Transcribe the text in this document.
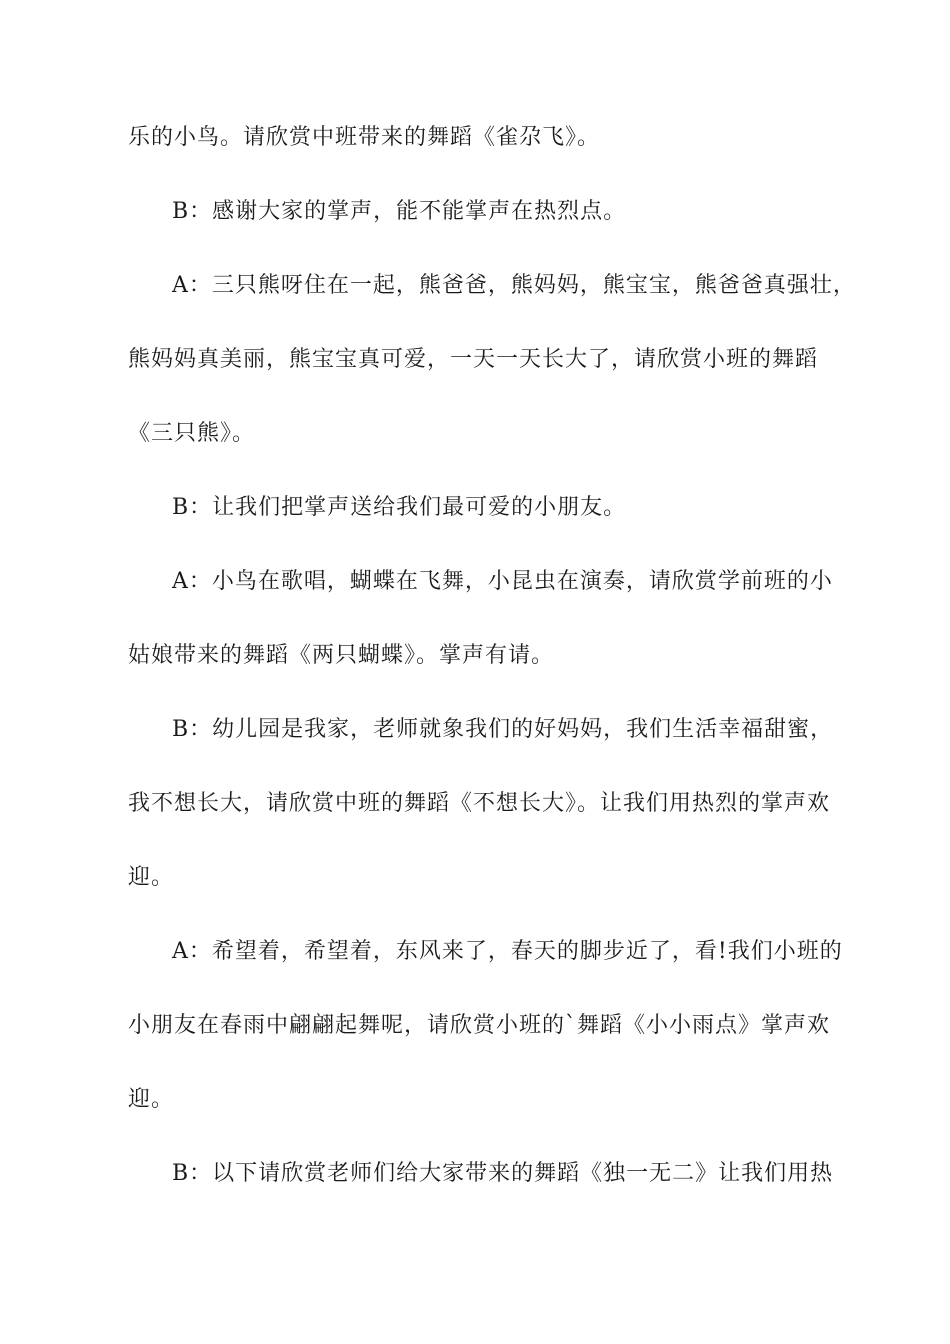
乐的小鸟。请欣赏中班带来的舞蹈《雀尕飞》。
B：感谢大家的掌声，能不能掌声在热烈点。
A：三只熊呀住在一起，熊爸爸，熊妈妈，熊宝宝，熊爸爸真强壮，
熊妈妈真美丽，熊宝宝真可爱，一天一天长大了，请欣赏小班的舞蹈
《三只熊》。
B：让我们把掌声送给我们最可爱的小朋友。
A：小鸟在歌唱，蝴蝶在飞舞，小昆虫在演奏，请欣赏学前班的小
姑娘带来的舞蹈《两只蝴蝶》。掌声有请。
B：幼儿园是我家，老师就象我们的好妈妈，我们生活幸福甜蜜，
我不想长大，请欣赏中班的舞蹈《不想长大》。让我们用热烈的掌声欢
迎。
A：希望着，希望着，东风来了，春天的脚步近了，看!我们小班的
小朋友在春雨中翩翩起舞呢，请欣赏小班的`舞蹈《小小雨点》掌声欢
迎。
B：以下请欣赏老师们给大家带来的舞蹈《独一无二》让我们用热
